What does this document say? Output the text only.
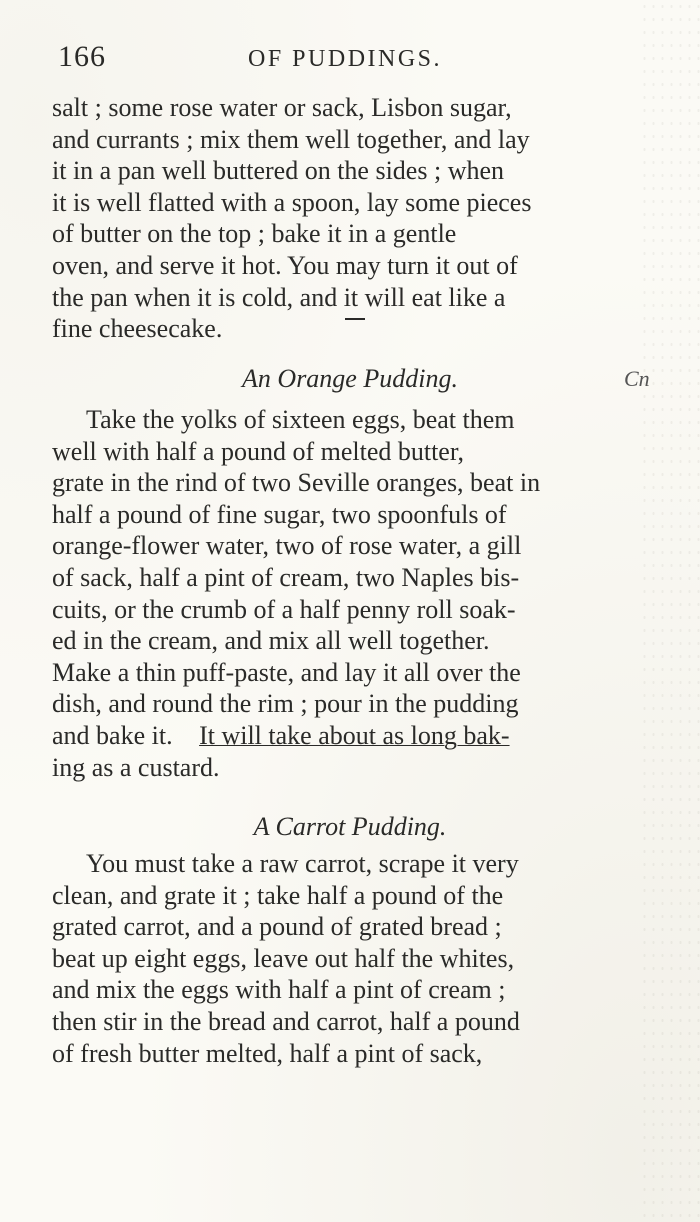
166	OF PUDDINGS.
salt ; some rose water or sack, Lisbon sugar,
and currants ; mix them well together, and lay
it in a pan well buttered on the sides ; when
it is well flatted with a spoon, lay some pieces
of butter on the top ; bake it in a gentle
oven, and serve it hot. You may turn it out of
the pan when it is cold, and it will eat like a
fine cheesecake.
An Orange Pudding.	Cn
Take the yolks of sixteen eggs, beat them
well with half a pound of melted butter,
grate in the rind of two Seville oranges, beat in
half a pound of fine sugar, two spoonfuls of
orange-flower water, two of rose water, a gill
of sack, half a pint of cream, two Naples bis-
cuits, or the crumb of a half penny roll soak-
ed in the cream, and mix all well together.
Make a thin puff-paste, and lay it all over the
dish, and round the rim ; pour in the pudding
and bake it. It will take about as long bak-
ing as a custard.
A Carrot Pudding.
You must take a raw carrot, scrape it very
clean, and grate it ; take half a pound of the
grated carrot, and a pound of grated bread ;
beat up eight eggs, leave out half the whites,
and mix the eggs with half a pint of cream ;
then stir in the bread and carrot, half a pound
of fresh butter melted, half a pint of sack,
